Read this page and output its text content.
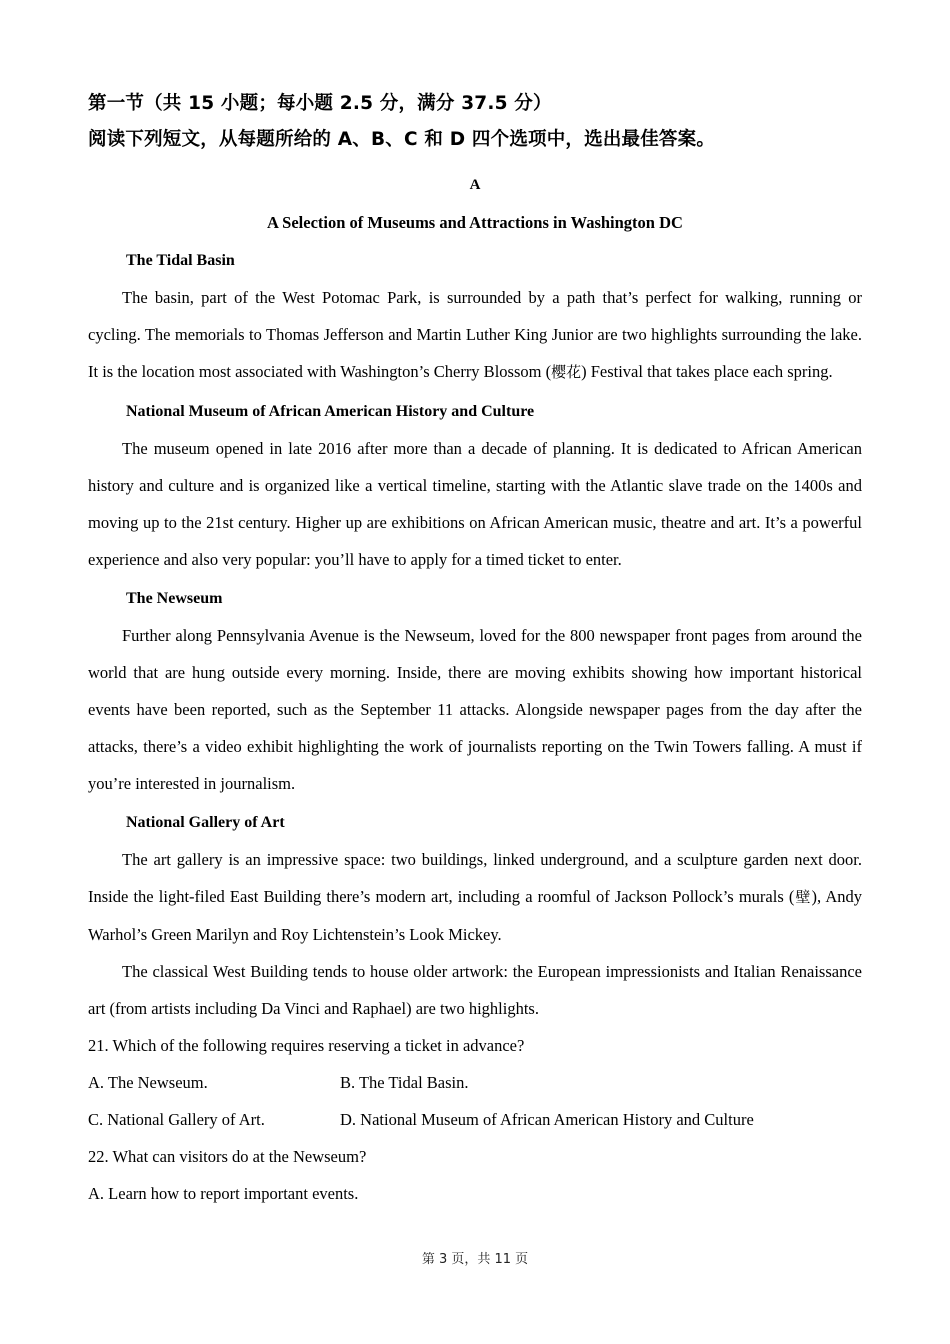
第一节（共 15 小题；每小题 2.5 分，满分 37.5 分）
阅读下列短文，从每题所给的 A、B、C 和 D 四个选项中，选出最佳答案。
A
A Selection of Museums and Attractions in Washington DC
The Tidal Basin

The basin, part of the West Potomac Park, is surrounded by a path that’s perfect for walking, running or cycling. The memorials to Thomas Jefferson and Martin Luther King Junior are two highlights surrounding the lake. It is the location most associated with Washington’s Cherry Blossom (樱花) Festival that takes place each spring.

National Museum of African American History and Culture

The museum opened in late 2016 after more than a decade of planning. It is dedicated to African American history and culture and is organized like a vertical timeline, starting with the Atlantic slave trade on the 1400s and moving up to the 21st century. Higher up are exhibitions on African American music, theatre and art. It’s a powerful experience and also very popular: you’ll have to apply for a timed ticket to enter.

The Newseum

Further along Pennsylvania Avenue is the Newseum, loved for the 800 newspaper front pages from around the world that are hung outside every morning. Inside, there are moving exhibits showing how important historical events have been reported, such as the September 11 attacks. Alongside newspaper pages from the day after the attacks, there’s a video exhibit highlighting the work of journalists reporting on the Twin Towers falling. A must if you’re interested in journalism.

National Gallery of Art

The art gallery is an impressive space: two buildings, linked underground, and a sculpture garden next door. Inside the light-filed East Building there’s modern art, including a roomful of Jackson Pollock’s murals (壁), Andy Warhol’s Green Marilyn and Roy Lichtenstein’s Look Mickey.

The classical West Building tends to house older artwork: the European impressionists and Italian Renaissance art (from artists including Da Vinci and Raphael) are two highlights.

21. Which of the following requires reserving a ticket in advance?

A. The Newseum.	B. The Tidal Basin.
C. National Gallery of Art.	D. National Museum of African American History and Culture

22. What can visitors do at the Newseum?

A. Learn how to report important events.
第 3 页，共 11 页
